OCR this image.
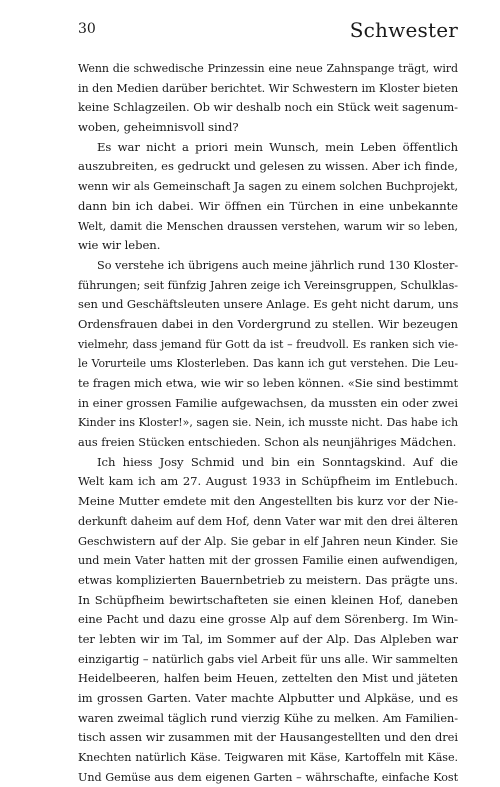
30	Schwester
Wenn die schwedische Prinzessin eine neue Zahnspange trägt, wird
in den Medien darüber berichtet. Wir Schwestern im Kloster bieten
keine Schlagzeilen. Ob wir deshalb noch ein Stück weit sagenum-
woben, geheimnisvoll sind?
Es war nicht a priori mein Wunsch, mein Leben öffentlich
auszubreiten, es gedruckt und gelesen zu wissen. Aber ich finde,
wenn wir als Gemeinschaft Ja sagen zu einem solchen Buchprojekt,
dann bin ich dabei. Wir öffnen ein Türchen in eine unbekannte
Welt, damit die Menschen draussen verstehen, warum wir so leben,
wie wir leben.
So verstehe ich übrigens auch meine jährlich rund 130 Kloster-
führungen; seit fünfzig Jahren zeige ich Vereinsgruppen, Schulklas-
sen und Geschäftsleuten unsere Anlage. Es geht nicht darum, uns
Ordensfrauen dabei in den Vordergrund zu stellen. Wir bezeugen
vielmehr, dass jemand für Gott da ist – freudvoll. Es ranken sich vie-
le Vorurteile ums Klosterleben. Das kann ich gut verstehen. Die Leu-
te fragen mich etwa, wie wir so leben können. «Sie sind bestimmt
in einer grossen Familie aufgewachsen, da mussten ein oder zwei
Kinder ins Kloster!», sagen sie. Nein, ich musste nicht. Das habe ich
aus freien Stücken entschieden. Schon als neunjähriges Mädchen.
Ich hiess Josy Schmid und bin ein Sonntagskind. Auf die
Welt kam ich am 27. August 1933 in Schüpfheim im Entlebuch.
Meine Mutter emdete mit den Angestellten bis kurz vor der Nie-
derkunft daheim auf dem Hof, denn Vater war mit den drei älteren
Geschwistern auf der Alp. Sie gebar in elf Jahren neun Kinder. Sie
und mein Vater hatten mit der grossen Familie einen aufwendigen,
etwas komplizierten Bauernbetrieb zu meistern. Das prägte uns.
In Schüpfheim bewirtschafteten sie einen kleinen Hof, daneben
eine Pacht und dazu eine grosse Alp auf dem Sörenberg. Im Win-
ter lebten wir im Tal, im Sommer auf der Alp. Das Alpleben war
einzigartig – natürlich gabs viel Arbeit für uns alle. Wir sammelten
Heidelbeeren, halfen beim Heuen, zettelten den Mist und jäteten
im grossen Garten. Vater machte Alpbutter und Alpkäse, und es
waren zweimal täglich rund vierzig Kühe zu melken. Am Familien-
tisch assen wir zusammen mit der Hausangestellten und den drei
Knechten natürlich Käse. Teigwaren mit Käse, Kartoffeln mit Käse.
Und Gemüse aus dem eigenen Garten – währschafte, einfache Kost
